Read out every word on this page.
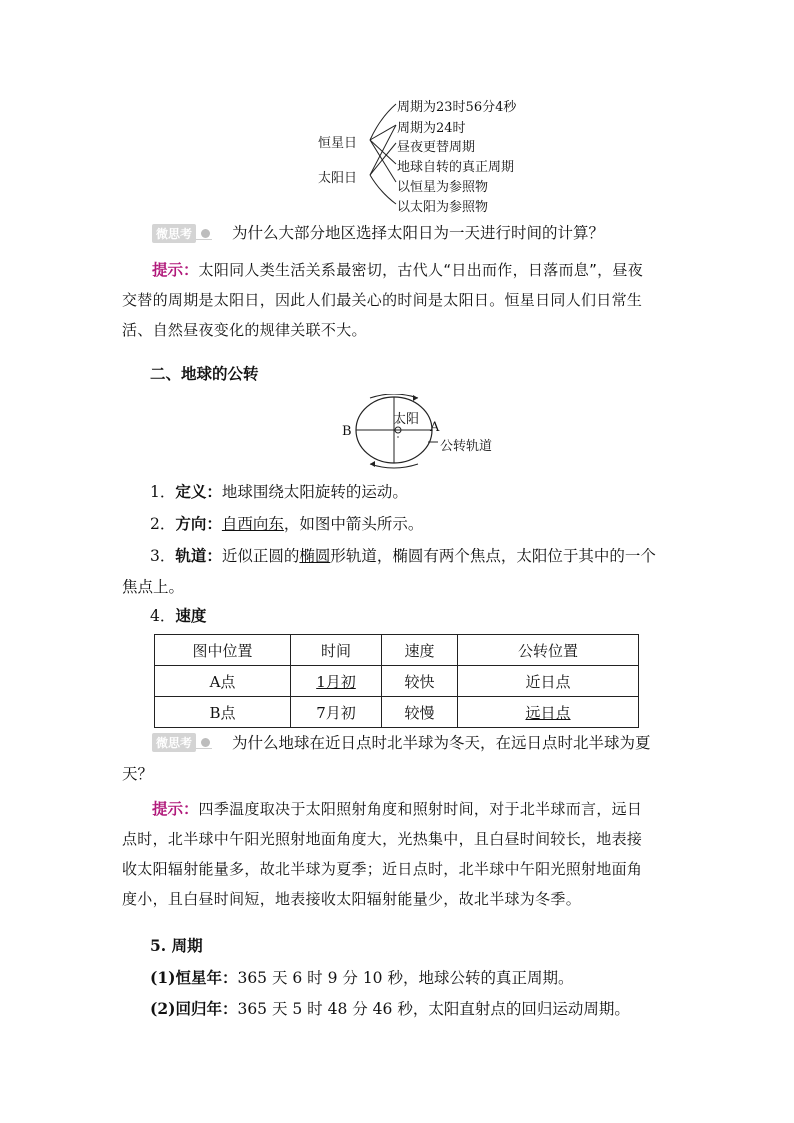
恒星日
太阳日
周期为23时56分4秒
周期为24时
昼夜更替周期
地球自转的真正周期
以恒星为参照物
以太阳为参照物
微思考	为什么大部分地区选择太阳日为一天进行时间的计算？
提示：太阳同人类生活关系最密切，古代人“日出而作，日落而息”，昼夜
交替的周期是太阳日，因此人们最关心的时间是太阳日。恒星日同人们日常生
活、自然昼夜变化的规律关联不大。
二、地球的公转
B	A
太阳
公转轨道
1．定义：地球围绕太阳旋转的运动。
2．方向：自西向东，如图中箭头所示。
3．轨道：近似正圆的椭圆形轨道，椭圆有两个焦点，太阳位于其中的一个
焦点上。
4．速度
图中位置	时间	速度	公转位置
A点	1月初	较快	近日点
B点	7月初	较慢	远日点
微思考	为什么地球在近日点时北半球为冬天，在远日点时北半球为夏
天？
提示：四季温度取决于太阳照射角度和照射时间，对于北半球而言，远日
点时，北半球中午阳光照射地面角度大，光热集中，且白昼时间较长，地表接
收太阳辐射能量多，故北半球为夏季；近日点时，北半球中午阳光照射地面角
度小，且白昼时间短，地表接收太阳辐射能量少，故北半球为冬季。
5. 周期
(1)恒星年：365 天 6 时 9 分 10 秒，地球公转的真正周期。
(2)回归年：365 天 5 时 48 分 46 秒，太阳直射点的回归运动周期。
